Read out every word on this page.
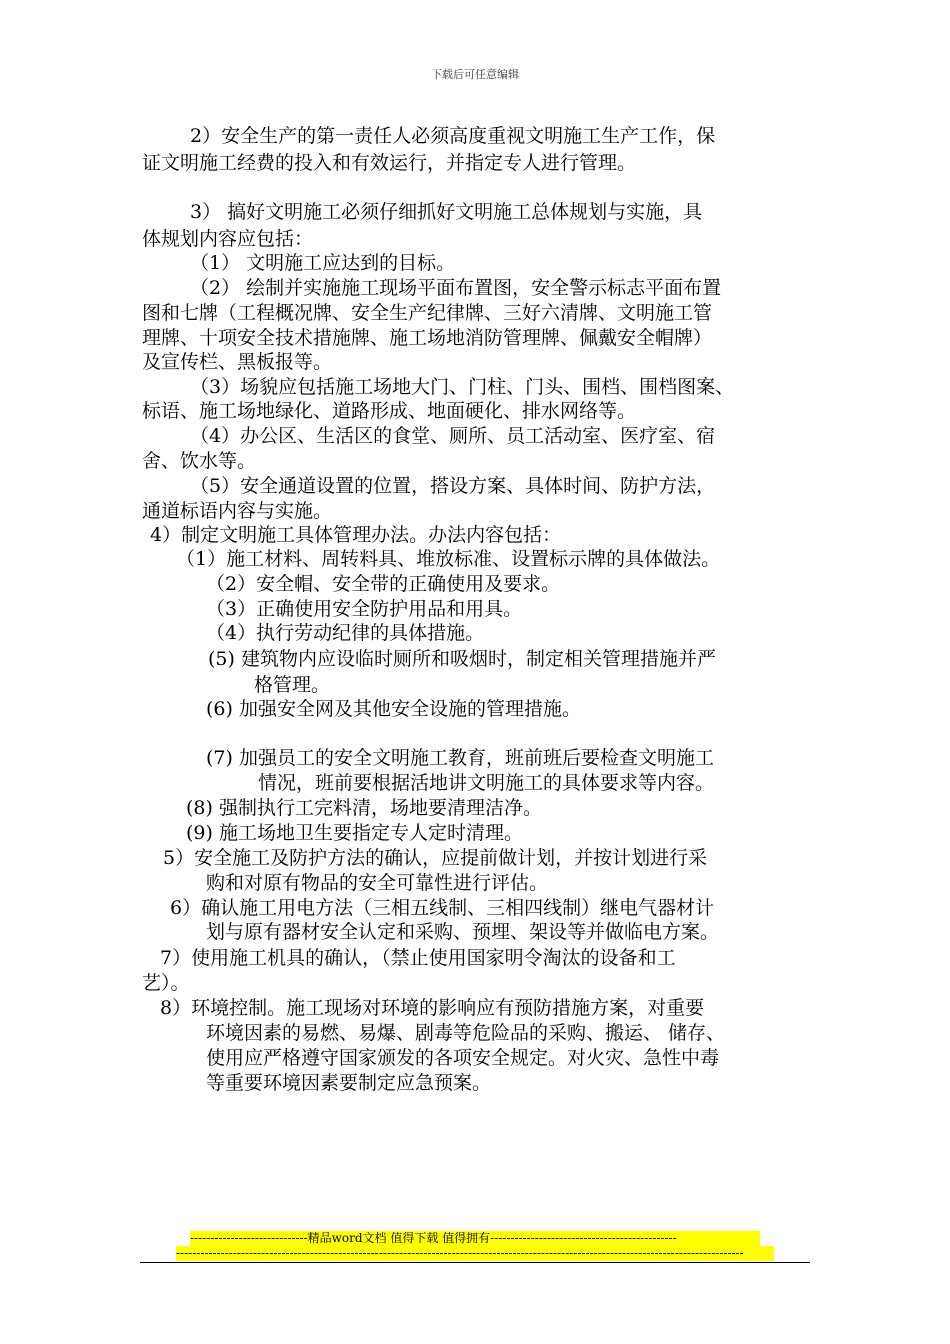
下载后可任意编辑
2）安全生产的第一责任人必须高度重视文明施工生产工作，保
证文明施工经费的投入和有效运行，并指定专人进行管理。
3） 搞好文明施工必须仔细抓好文明施工总体规划与实施，具
体规划内容应包括：
（1） 文明施工应达到的目标。
（2） 绘制并实施施工现场平面布置图，安全警示标志平面布置
图和七牌（工程概况牌、安全生产纪律牌、三好六清牌、文明施工管
理牌、十项安全技术措施牌、施工场地消防管理牌、佩戴安全帽牌）
及宣传栏、黑板报等。
（3）场貌应包括施工场地大门、门柱、门头、围档、围档图案、
标语、施工场地绿化、道路形成、地面硬化、排水网络等。
（4）办公区、生活区的食堂、厕所、员工活动室、医疗室、宿
舍、饮水等。
（5）安全通道设置的位置，搭设方案、具体时间、防护方法，
通道标语内容与实施。
4）制定文明施工具体管理办法。办法内容包括：
（1）施工材料、周转料具、堆放标准、设置标示牌的具体做法。
（2）安全帽、安全带的正确使用及要求。
（3）正确使用安全防护用品和用具。
（4）执行劳动纪律的具体措施。
(5) 建筑物内应设临时厕所和吸烟时，制定相关管理措施并严
格管理。
(6) 加强安全网及其他安全设施的管理措施。
(7) 加强员工的安全文明施工教育，班前班后要检查文明施工
情况，班前要根据活地讲文明施工的具体要求等内容。
(8) 强制执行工完料清，场地要清理洁净。
(9) 施工场地卫生要指定专人定时清理。
5）安全施工及防护方法的确认，应提前做计划，并按计划进行采
购和对原有物品的安全可靠性进行评估。
6）确认施工用电方法（三相五线制、三相四线制）继电气器材计
划与原有器材安全认定和采购、预埋、架设等并做临电方案。
7）使用施工机具的确认，（禁止使用国家明令淘汰的设备和工
艺）。
8）环境控制。施工现场对环境的影响应有预防措施方案，对重要
环境因素的易燃、易爆、剧毒等危险品的采购、搬运、 储存、
使用应严格遵守国家颁发的各项安全规定。对火灾、急性中毒
等重要环境因素要制定应急预案。
-----------------------------精品word文档 值得下载 值得拥有----------------------------------------------
--------------------------------------------------------------------------------------------------------------------------------------------
